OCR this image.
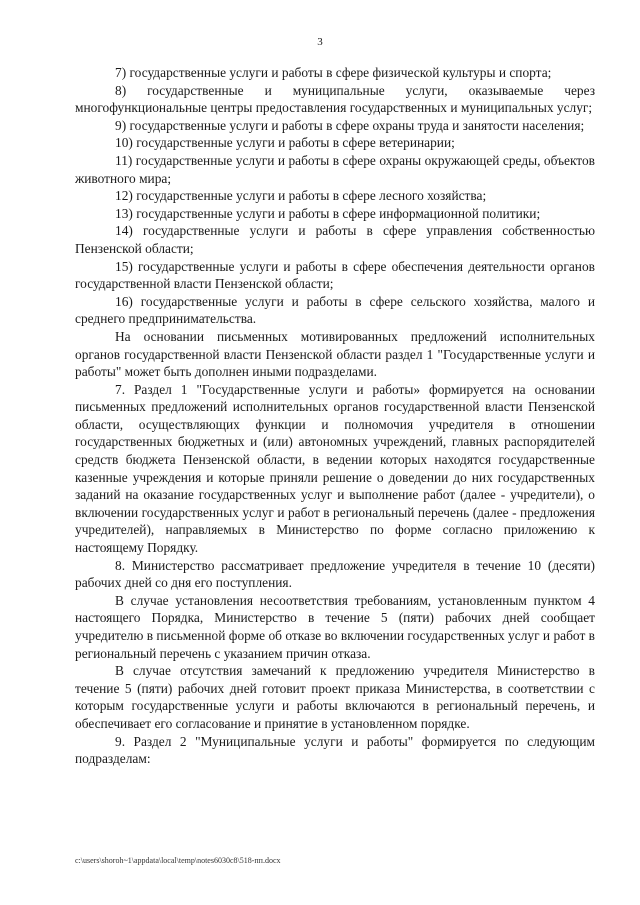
3

7) государственные услуги и работы в сфере физической культуры и спорта;

8) государственные и муниципальные услуги, оказываемые через многофункциональные центры предоставления государственных и муниципальных услуг;

9) государственные услуги и работы в сфере охраны труда и занятости населения;

10) государственные услуги и работы в сфере ветеринарии;

11) государственные услуги и работы в сфере охраны окружающей среды, объектов животного мира;

12) государственные услуги и работы в сфере лесного хозяйства;

13) государственные услуги и работы в сфере информационной политики;

14) государственные услуги и работы в сфере управления собственностью Пензенской области;

15) государственные услуги и работы в сфере обеспечения деятельности органов государственной власти Пензенской области;

16) государственные услуги и работы в сфере сельского хозяйства, малого и среднего предпринимательства.

На основании письменных мотивированных предложений исполнительных органов государственной власти Пензенской области раздел 1 "Государственные услуги и работы" может быть дополнен иными подразделами.

7. Раздел 1 "Государственные услуги и работы» формируется на основании письменных предложений исполнительных органов государственной власти Пензенской области, осуществляющих функции и полномочия учредителя в отношении государственных бюджетных и (или) автономных учреждений, главных распорядителей средств бюджета Пензенской области, в ведении которых находятся государственные казенные учреждения и которые приняли решение о доведении до них государственных заданий на оказание государственных услуг и выполнение работ (далее - учредители), о включении государственных услуг и работ в региональный перечень (далее - предложения учредителей), направляемых в Министерство по форме согласно приложению к настоящему Порядку.

8. Министерство рассматривает предложение учредителя в течение 10 (десяти) рабочих дней со дня его поступления.

В случае установления несоответствия требованиям, установленным пунктом 4 настоящего Порядка, Министерство в течение 5 (пяти) рабочих дней сообщает учредителю в письменной форме об отказе во включении государственных услуг и работ в региональный перечень с указанием причин отказа.

В случае отсутствия замечаний к предложению учредителя Министерство в течение 5 (пяти) рабочих дней готовит проект приказа Министерства, в соответствии с которым государственные услуги и работы включаются в региональный перечень, и обеспечивает его согласование и принятие в установленном порядке.

9. Раздел 2 "Муниципальные услуги и работы" формируется по следующим подразделам:

c:\users\shoroh~1\appdata\local\temp\notes6030c8\518-пп.docx
